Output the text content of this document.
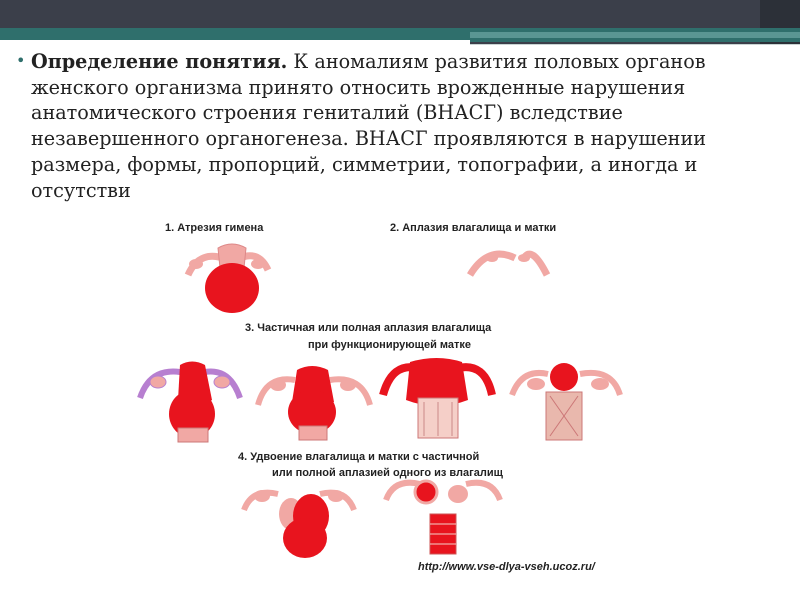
• Определение понятия. К аномалиям развития половых органов женского организма принято относить врожденные нарушения анатомического строения гениталий (ВНАСГ) вследствие незавершенного органогенеза. ВНАСГ проявляются в нарушении размера, формы, пропорций, симметрии, топографии, а иногда и отсутстви
1. Атрезия гимена	2. Аплазия влагалища и матки
3. Частичная или полная аплазия влагалища
при функционирующей матке
4. Удвоение влагалища и матки с частичной
или полной аплазией одного из влагалищ
http://www.vse-dlya-vseh.ucoz.ru/
